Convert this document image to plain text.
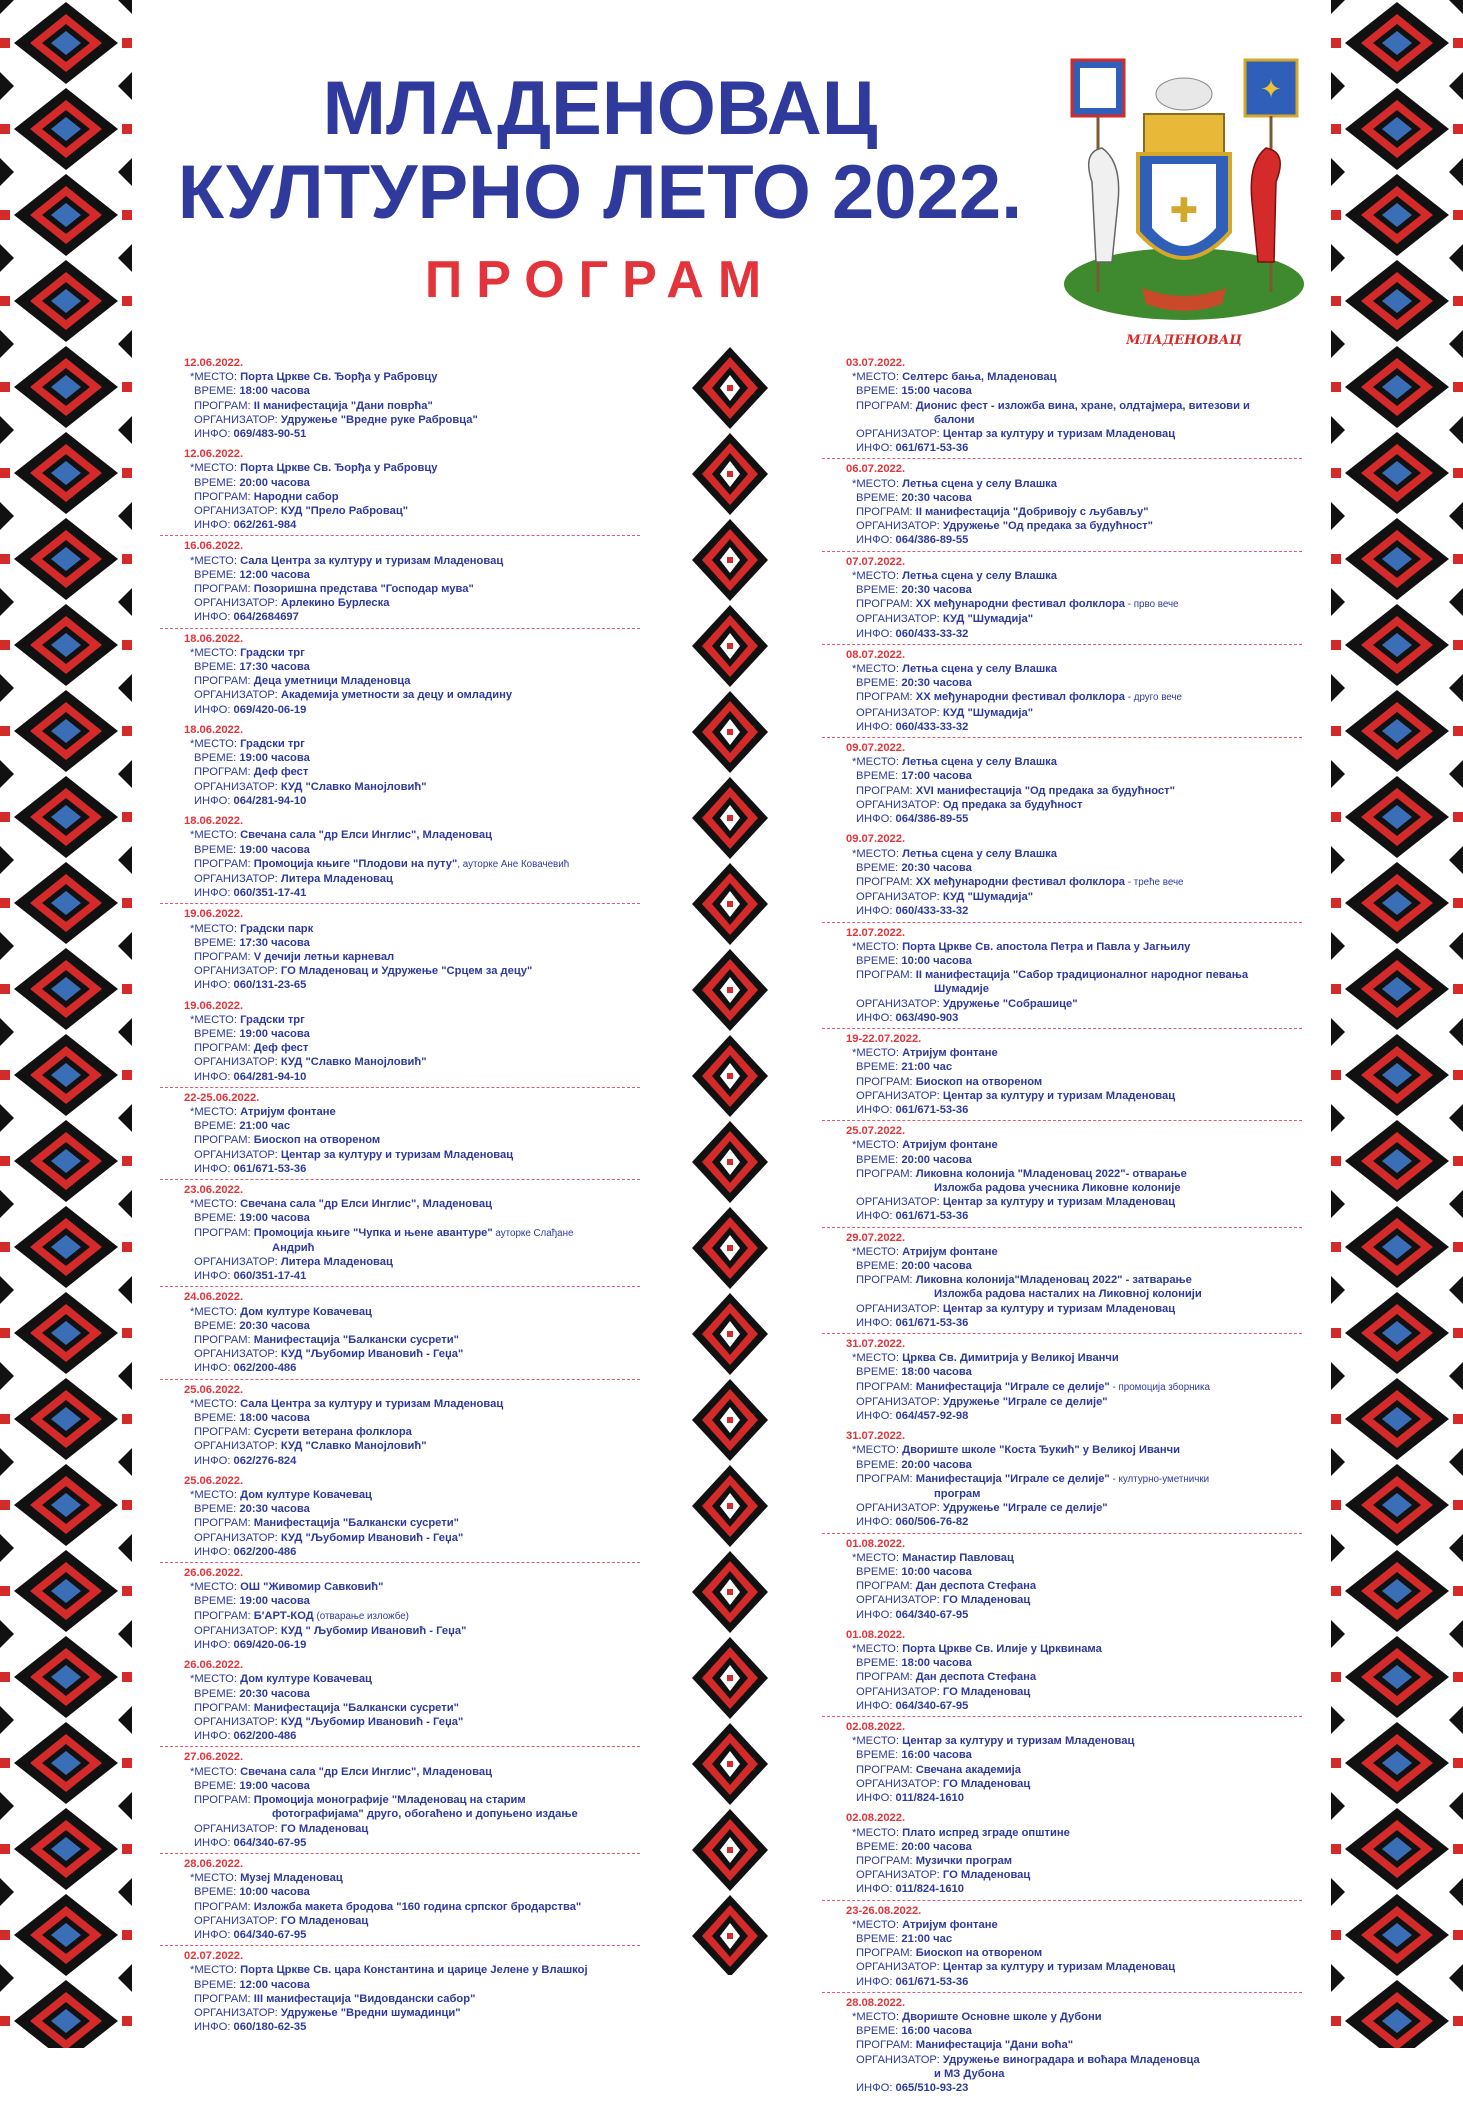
МЛАДЕНОВАЦ
КУЛТУРНО ЛЕТО 2022.
ПРОГРАМ
✦
✚
МЛАДЕНОВАЦ
12.06.2022.
*МЕСТО: Порта Цркве Св. Ђорђа у Рабровцу
ВРЕМЕ: 18:00 часова
ПРОГРАМ: II манифестација "Дани поврћа"
ОРГАНИЗАТОР: Удружење "Вредне руке Рабровца"
ИНФО: 069/483-90-51
12.06.2022.
*МЕСТО: Порта Цркве Св. Ђорђа у Рабровцу
ВРЕМЕ: 20:00 часова
ПРОГРАМ: Народни сабор
ОРГАНИЗАТОР: КУД "Прело Рабровац"
ИНФО: 062/261-984
16.06.2022.
*МЕСТО: Сала Центра за културу и туризам Младеновац
ВРЕМЕ: 12:00 часова
ПРОГРАМ: Позоришна представа "Господар мува"
ОРГАНИЗАТОР: Арлекино Бурлеска
ИНФО: 064/2684697
18.06.2022.
*МЕСТО: Градски трг
ВРЕМЕ: 17:30 часова
ПРОГРАМ: Деца уметници Младеновца
ОРГАНИЗАТОР: Академија уметности за децу и омладину
ИНФО: 069/420-06-19
18.06.2022.
*МЕСТО: Градски трг
ВРЕМЕ: 19:00 часова
ПРОГРАМ: Деф фест
ОРГАНИЗАТОР: КУД "Славко Манојловић"
ИНФО: 064/281-94-10
18.06.2022.
*МЕСТО: Свечана сала "др Елси Инглис", Младеновац
ВРЕМЕ: 19:00 часова
ПРОГРАМ: Промоција књиге "Плодови на путу", ауторке Ане Ковачевић
ОРГАНИЗАТОР: Литера Младеновац
ИНФО: 060/351-17-41
19.06.2022.
*МЕСТО: Градски парк
ВРЕМЕ: 17:30 часова
ПРОГРАМ: V дечији летњи карневал
ОРГАНИЗАТОР: ГО Младеновац и Удружење "Срцем за децу"
ИНФО: 060/131-23-65
19.06.2022.
*МЕСТО: Градски трг
ВРЕМЕ: 19:00 часова
ПРОГРАМ: Деф фест
ОРГАНИЗАТОР: КУД "Славко Манојловић"
ИНФО: 064/281-94-10
22-25.06.2022.
*МЕСТО: Атријум фонтане
ВРЕМЕ: 21:00 час
ПРОГРАМ: Биоскоп на отвореном
ОРГАНИЗАТОР: Центар за културу и туризам Младеновац
ИНФО: 061/671-53-36
23.06.2022.
*МЕСТО: Свечана сала "др Елси Инглис", Младеновац
ВРЕМЕ: 19:00 часова
ПРОГРАМ: Промоција књиге "Чупка и њене авантуре" ауторке Слађане
Андрић
ОРГАНИЗАТОР: Литера Младеновац
ИНФО: 060/351-17-41
24.06.2022.
*МЕСТО: Дом културе Ковачевац
ВРЕМЕ: 20:30 часова
ПРОГРАМ: Манифестација "Балкански сусрети"
ОРГАНИЗАТОР: КУД "Љубомир Ивановић - Геџа"
ИНФО: 062/200-486
25.06.2022.
*МЕСТО: Сала Центра за културу и туризам Младеновац
ВРЕМЕ: 18:00 часова
ПРОГРАМ: Сусрети ветерана фолклора
ОРГАНИЗАТОР: КУД "Славко Манојловић"
ИНФО: 062/276-824
25.06.2022.
*МЕСТО: Дом културе Ковачевац
ВРЕМЕ: 20:30 часова
ПРОГРАМ: Манифестација "Балкански сусрети"
ОРГАНИЗАТОР: КУД "Љубомир Ивановић - Геџа"
ИНФО: 062/200-486
26.06.2022.
*МЕСТО: ОШ "Живомир Савковић"
ВРЕМЕ: 19:00 часова
ПРОГРАМ: Б'АРТ-КОД (отварање изложбе)
ОРГАНИЗАТОР: КУД " Љубомир Ивановић - Геџа"
ИНФО: 069/420-06-19
26.06.2022.
*МЕСТО: Дом културе Ковачевац
ВРЕМЕ: 20:30 часова
ПРОГРАМ: Манифестација "Балкански сусрети"
ОРГАНИЗАТОР: КУД "Љубомир Ивановић - Геџа"
ИНФО: 062/200-486
27.06.2022.
*МЕСТО: Свечана сала "др Елси Инглис", Младеновац
ВРЕМЕ: 19:00 часова
ПРОГРАМ: Промоција монографије "Младеновац на старим
фотографијама" друго, обогаћено и допуњено издање
ОРГАНИЗАТОР: ГО Младеновац
ИНФО: 064/340-67-95
28.06.2022.
*МЕСТО: Музеј Младеновац
ВРЕМЕ: 10:00 часова
ПРОГРАМ: Изложба макета бродова "160 година српског бродарства"
ОРГАНИЗАТОР: ГО Младеновац
ИНФО: 064/340-67-95
02.07.2022.
*МЕСТО: Порта Цркве Св. цара Константина и царице Јелене у Влашкој
ВРЕМЕ: 12:00 часова
ПРОГРАМ: III манифестација "Видовдански сабор"
ОРГАНИЗАТОР: Удружење "Вредни шумадинци"
ИНФО: 060/180-62-35
03.07.2022.
*МЕСТО: Селтерс бања, Младеновац
ВРЕМЕ: 15:00 часова
ПРОГРАМ: Дионис фест - изложба вина, хране, олдтајмера, витезови и
балони
ОРГАНИЗАТОР: Центар за културу и туризам Младеновац
ИНФО: 061/671-53-36
06.07.2022.
*МЕСТО: Летња сцена у селу Влашка
ВРЕМЕ: 20:30 часова
ПРОГРАМ: II манифестација "Добривоју с љубављу"
ОРГАНИЗАТОР: Удружење "Од предака за будућност"
ИНФО: 064/386-89-55
07.07.2022.
*МЕСТО: Летња сцена у селу Влашка
ВРЕМЕ: 20:30 часова
ПРОГРАМ: XX међународни фестивал фолклора - прво вече
ОРГАНИЗАТОР: КУД "Шумадија"
ИНФО: 060/433-33-32
08.07.2022.
*МЕСТО: Летња сцена у селу Влашка
ВРЕМЕ: 20:30 часова
ПРОГРАМ: XX међународни фестивал фолклора - друго вече
ОРГАНИЗАТОР: КУД "Шумадија"
ИНФО: 060/433-33-32
09.07.2022.
*МЕСТО: Летња сцена у селу Влашка
ВРЕМЕ: 17:00 часова
ПРОГРАМ: XVI манифестација "Од предака за будућност"
ОРГАНИЗАТОР: Од предака за будућност
ИНФО: 064/386-89-55
09.07.2022.
*МЕСТО: Летња сцена у селу Влашка
ВРЕМЕ: 20:30 часова
ПРОГРАМ: XX међународни фестивал фолклора - треће вече
ОРГАНИЗАТОР: КУД "Шумадија"
ИНФО: 060/433-33-32
12.07.2022.
*МЕСТО: Порта Цркве Св. апостола Петра и Павла у Јагњилу
ВРЕМЕ: 10:00 часова
ПРОГРАМ: II манифестација "Сабор традиционалног народног певања
Шумадије
ОРГАНИЗАТОР: Удружење "Собрашице"
ИНФО: 063/490-903
19-22.07.2022.
*МЕСТО: Атријум фонтане
ВРЕМЕ: 21:00 час
ПРОГРАМ: Биоскоп на отвореном
ОРГАНИЗАТОР: Центар за културу и туризам Младеновац
ИНФО: 061/671-53-36
25.07.2022.
*МЕСТО: Атријум фонтане
ВРЕМЕ: 20:00 часова
ПРОГРАМ: Ликовна колонија "Младеновац 2022"- отварање
Изложба радова учесника Ликовне колоније
ОРГАНИЗАТОР: Центар за културу и туризам Младеновац
ИНФО: 061/671-53-36
29.07.2022.
*МЕСТО: Атријум фонтане
ВРЕМЕ: 20:00 часова
ПРОГРАМ: Ликовна колонија"Младеновац 2022" - затварање
Изложба радова насталих на Ликовној колонији
ОРГАНИЗАТОР: Центар за културу и туризам Младеновац
ИНФО: 061/671-53-36
31.07.2022.
*МЕСТО: Црква Св. Димитрија у Великој Иванчи
ВРЕМЕ: 18:00 часова
ПРОГРАМ: Манифестација "Играле се делије" - промоција зборника
ОРГАНИЗАТОР: Удружење "Играле се делије"
ИНФО: 064/457-92-98
31.07.2022.
*МЕСТО: Двориште школе "Коста Ђукић" у Великој Иванчи
ВРЕМЕ: 20:00 часова
ПРОГРАМ: Манифестација "Играле се делије" - културно-уметнички
програм
ОРГАНИЗАТОР: Удружење "Играле се делије"
ИНФО: 060/506-76-82
01.08.2022.
*МЕСТО: Манастир Павловац
ВРЕМЕ: 10:00 часова
ПРОГРАМ: Дан деспота Стефана
ОРГАНИЗАТОР: ГО Младеновац
ИНФО: 064/340-67-95
01.08.2022.
*МЕСТО: Порта Цркве Св. Илије у Црквинама
ВРЕМЕ: 18:00 часова
ПРОГРАМ: Дан деспота Стефана
ОРГАНИЗАТОР: ГО Младеновац
ИНФО: 064/340-67-95
02.08.2022.
*МЕСТО: Центар за културу и туризам Младеновац
ВРЕМЕ: 16:00 часова
ПРОГРАМ: Свечана академија
ОРГАНИЗАТОР: ГО Младеновац
ИНФО: 011/824-1610
02.08.2022.
*МЕСТО: Плато испред зграде општине
ВРЕМЕ: 20:00 часова
ПРОГРАМ: Музички програм
ОРГАНИЗАТОР: ГО Младеновац
ИНФО: 011/824-1610
23-26.08.2022.
*МЕСТО: Атријум фонтане
ВРЕМЕ: 21:00 час
ПРОГРАМ: Биоскоп на отвореном
ОРГАНИЗАТОР: Центар за културу и туризам Младеновац
ИНФО: 061/671-53-36
28.08.2022.
*МЕСТО: Двориште Основне школе у Дубони
ВРЕМЕ: 16:00 часова
ПРОГРАМ: Манифестација "Дани воћа"
ОРГАНИЗАТОР: Удружење виноградара и воћара Младеновца
и МЗ Дубона
ИНФО: 065/510-93-23
